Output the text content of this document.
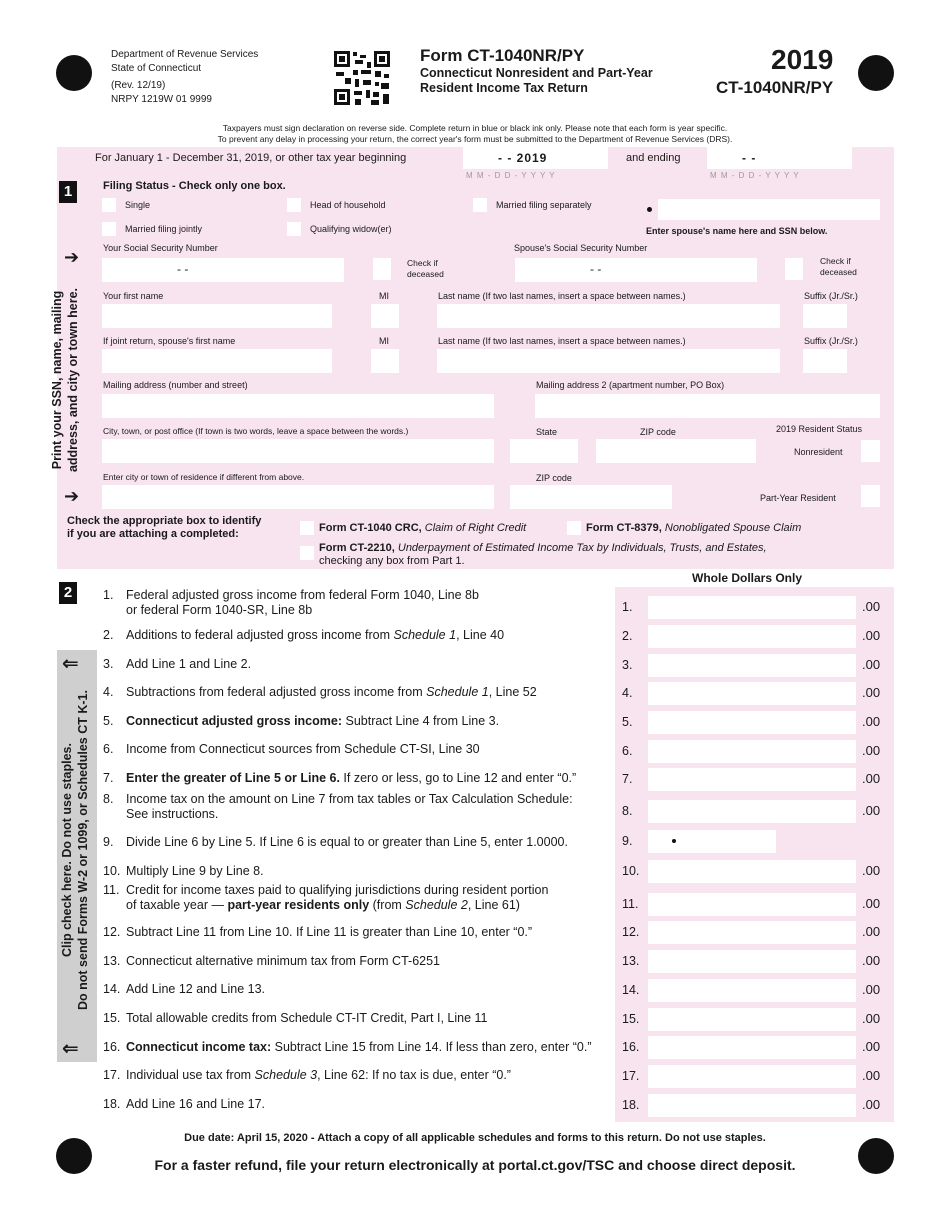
Department of Revenue Services
State of Connecticut
(Rev. 12/19)
NRPY 1219W 01 9999
Form CT-1040NR/PY
Connecticut Nonresident and Part-Year
Resident Income Tax Return
2019
CT-1040NR/PY
Taxpayers must sign declaration on reverse side. Complete return in blue or black ink only. Please note that each form is year specific.
To prevent any delay in processing your return, the correct year's form must be submitted to the Department of Revenue Services (DRS).
For January 1 - December 31, 2019, or other tax year beginning	- - 2019
M M - D D - Y Y Y Y
and ending	- -
M M - D D - Y Y Y Y
1	Filing Status - Check only one box.
Single	Head of household	Married filing separately
Married filing jointly	Qualifying widow(er)	Enter spouse's name here and SSN below.
➔
➔
Print your SSN, name, mailing address, and city or town here.
Your Social Security Number
- -	Check if deceased
Spouse's Social Security Number
- -
Check if deceased
Your first name	MI	Last name (If two last names, insert a space between names.)	Suffix (Jr./Sr.)
If joint return, spouse's first name	MI	Last name (If two last names, insert a space between names.)	Suffix (Jr./Sr.)
Mailing address (number and street)	Mailing address 2 (apartment number, PO Box)
City, town, or post office (If town is two words, leave a space between the words.)	State	ZIP code	2019 Resident Status
Nonresident
Enter city or town of residence if different from above.	ZIP code
Part-Year Resident
Check the appropriate box to identify
if you are attaching a completed:	Form CT-1040 CRC, Claim of Right Credit	Form CT-8379, Nonobligated Spouse Claim
Form CT-2210, Underpayment of Estimated Income Tax by Individuals, Trusts, and Estates,
checking any box from Part 1.
2
Whole Dollars Only
⇐
⇐
Clip check here. Do not use staples. Do not send Forms W-2 or 1099, or Schedules CT K-1.
1. Federal adjusted gross income from federal Form 1040, Line 8b
or federal Form 1040-SR, Line 8b	1.	.00
2. Additions to federal adjusted gross income from Schedule 1, Line 40	2.	.00
3. Add Line 1 and Line 2.	3.	.00
4. Subtractions from federal adjusted gross income from Schedule 1, Line 52	4.	.00
5. Connecticut adjusted gross income: Subtract Line 4 from Line 3.	5.	.00
6. Income from Connecticut sources from Schedule CT-SI, Line 30	6.	.00
7. Enter the greater of Line 5 or Line 6. If zero or less, go to Line 12 and enter “0.”	7.	.00
8. Income tax on the amount on Line 7 from tax tables or Tax Calculation Schedule:
See instructions.	8.	.00
9. Divide Line 6 by Line 5. If Line 6 is equal to or greater than Line 5, enter 1.0000.	9.
10. Multiply Line 9 by Line 8.	10.	.00
11. Credit for income taxes paid to qualifying jurisdictions during resident portion
of taxable year — part-year residents only (from Schedule 2, Line 61)	11.	.00
12. Subtract Line 11 from Line 10. If Line 11 is greater than Line 10, enter “0.”	12.	.00
13. Connecticut alternative minimum tax from Form CT-6251	13.	.00
14. Add Line 12 and Line 13.	14.	.00
15. Total allowable credits from Schedule CT-IT Credit, Part I, Line 11	15.	.00
16. Connecticut income tax: Subtract Line 15 from Line 14. If less than zero, enter “0.”	16.	.00
17. Individual use tax from Schedule 3, Line 62: If no tax is due, enter “0.”	17.	.00
18. Add Line 16 and Line 17.	18.	.00
Due date: April 15, 2020 - Attach a copy of all applicable schedules and forms to this return. Do not use staples.
For a faster refund, file your return electronically at portal.ct.gov/TSC and choose direct deposit.
